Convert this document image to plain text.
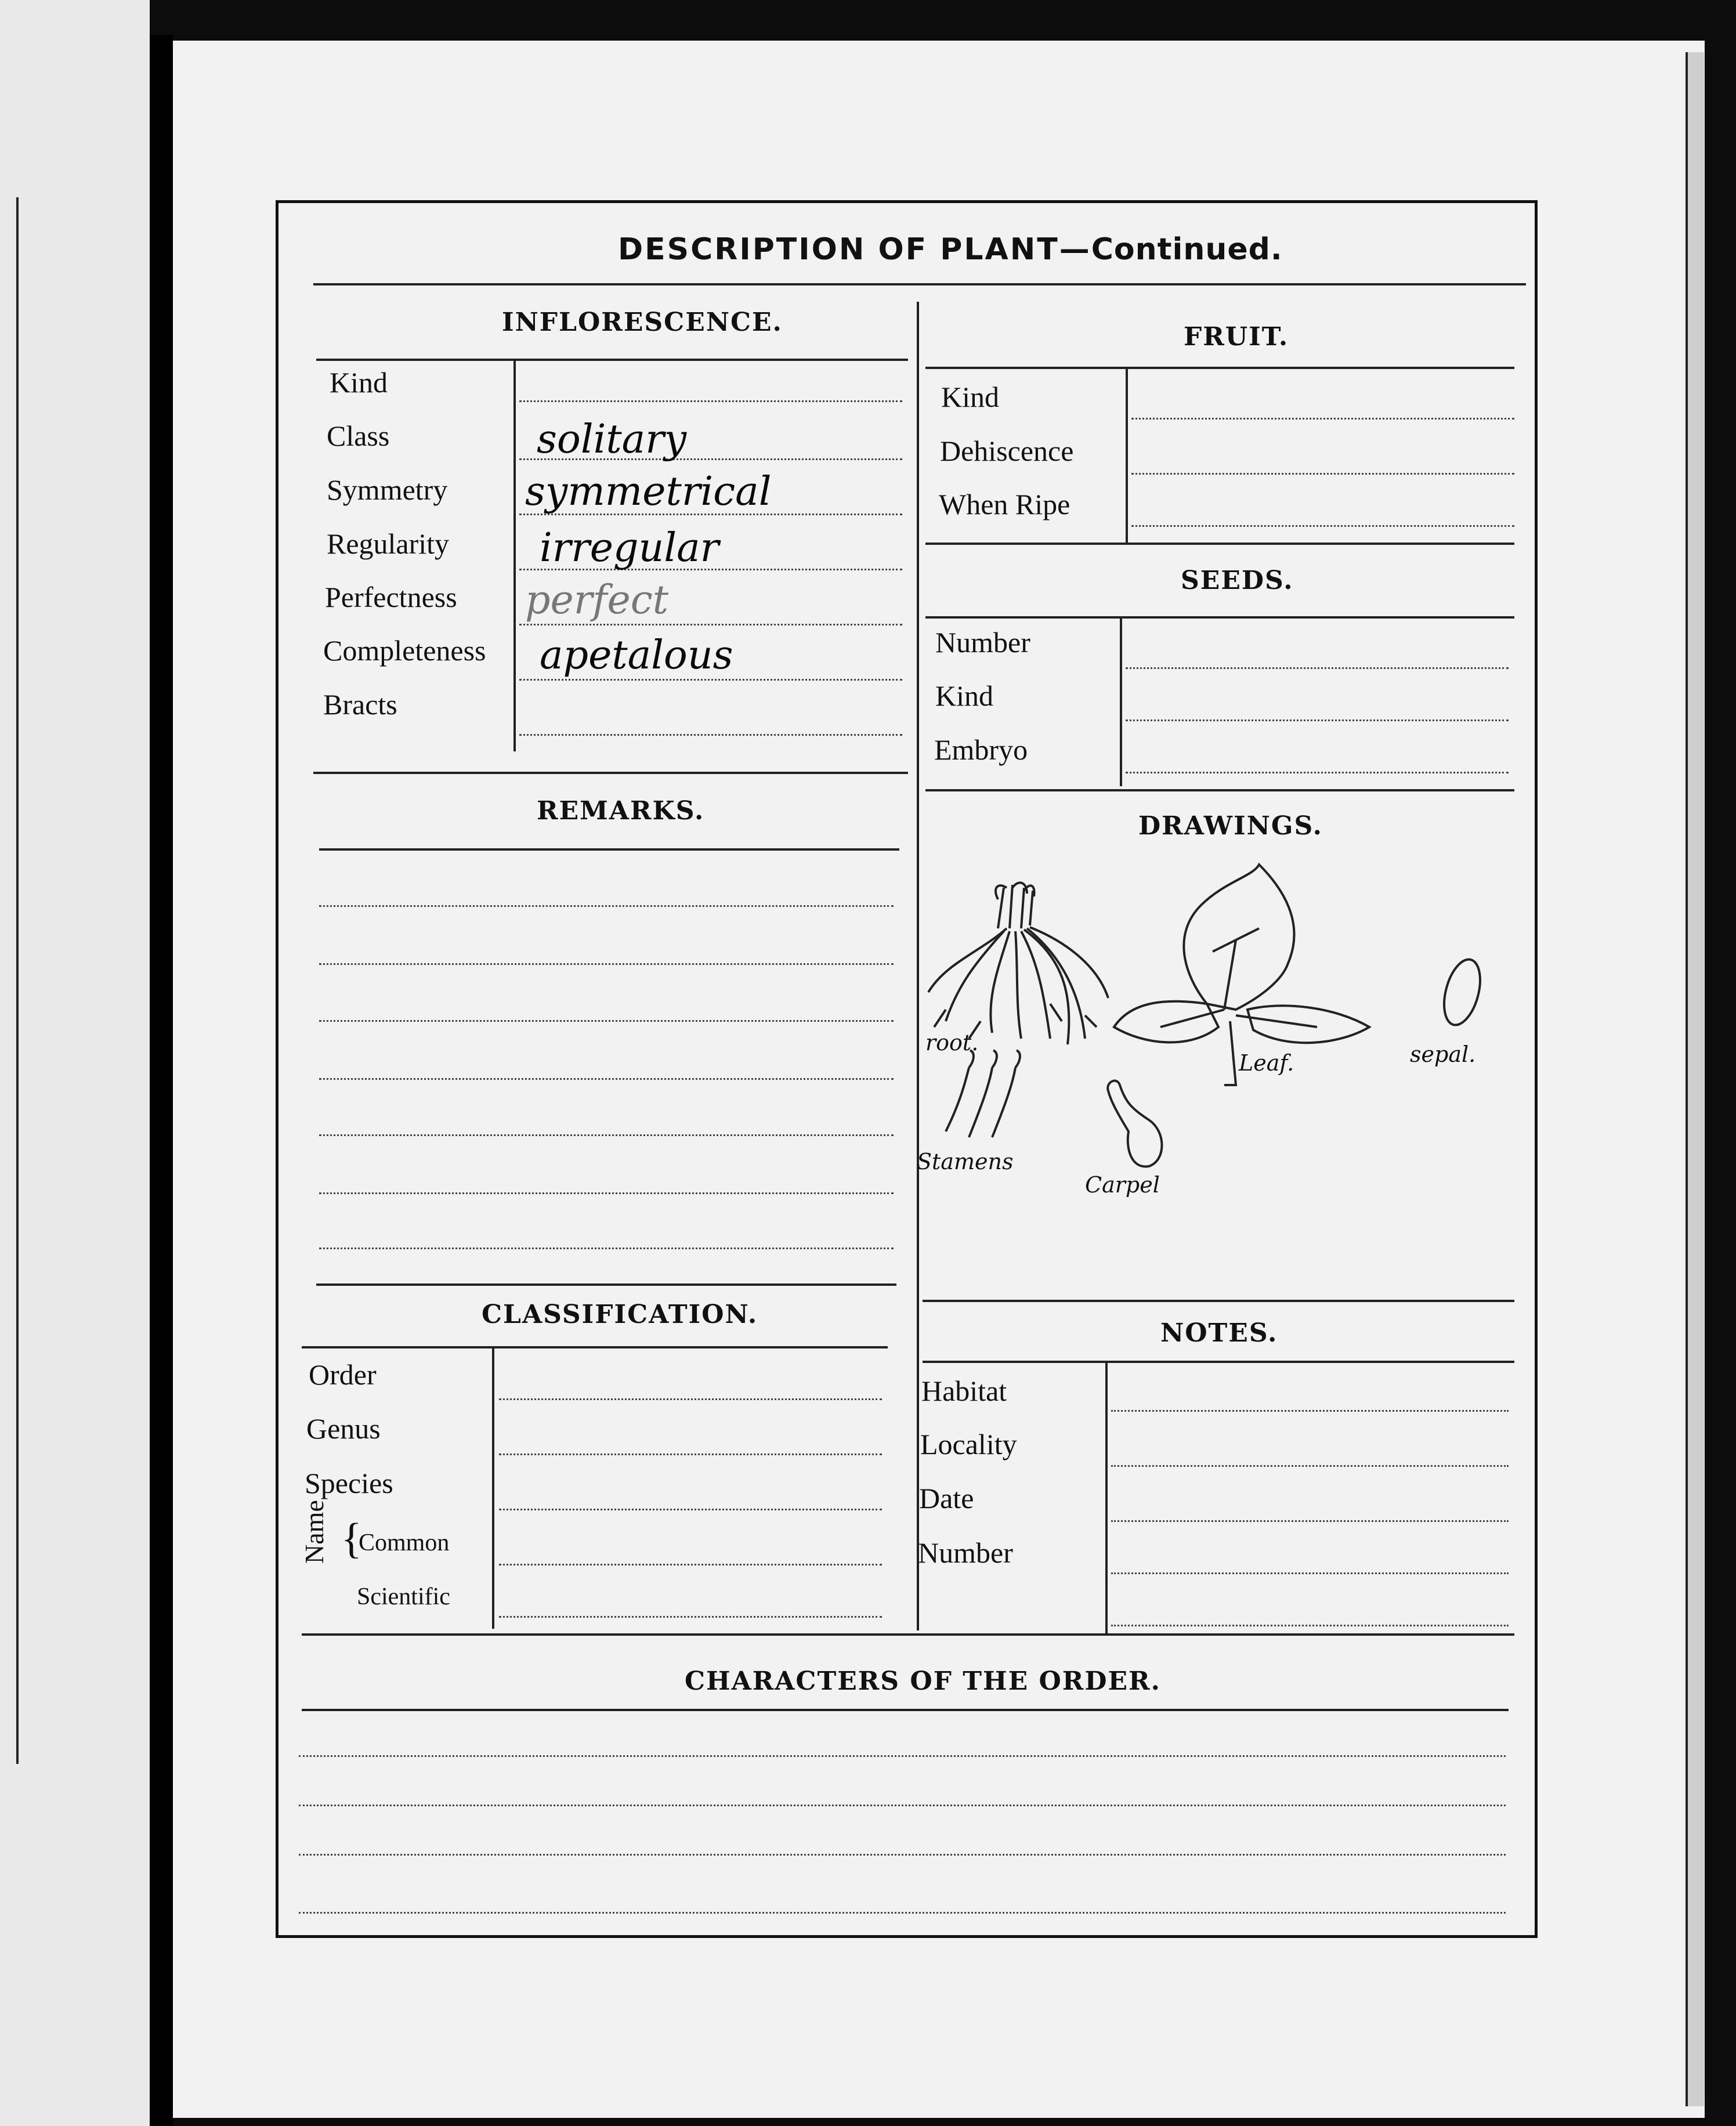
DESCRIPTION OF PLANT—Continued.
INFLORESCENCE.
Kind
Class
Symmetry
Regularity
Perfectness
Completeness
Bracts
solitary
symmetrical
irregular
perfect
apetalous
FRUIT.
Kind
Dehiscence
When Ripe
SEEDS.
Number
Kind
Embryo
REMARKS.
DRAWINGS.
root.
Leaf.	sepal.
Stamens
Carpel
CLASSIFICATION.
Order
Genus
Species
Name {
Common
Scientific
NOTES.
Habitat
Locality
Date
Number
CHARACTERS OF THE ORDER.
